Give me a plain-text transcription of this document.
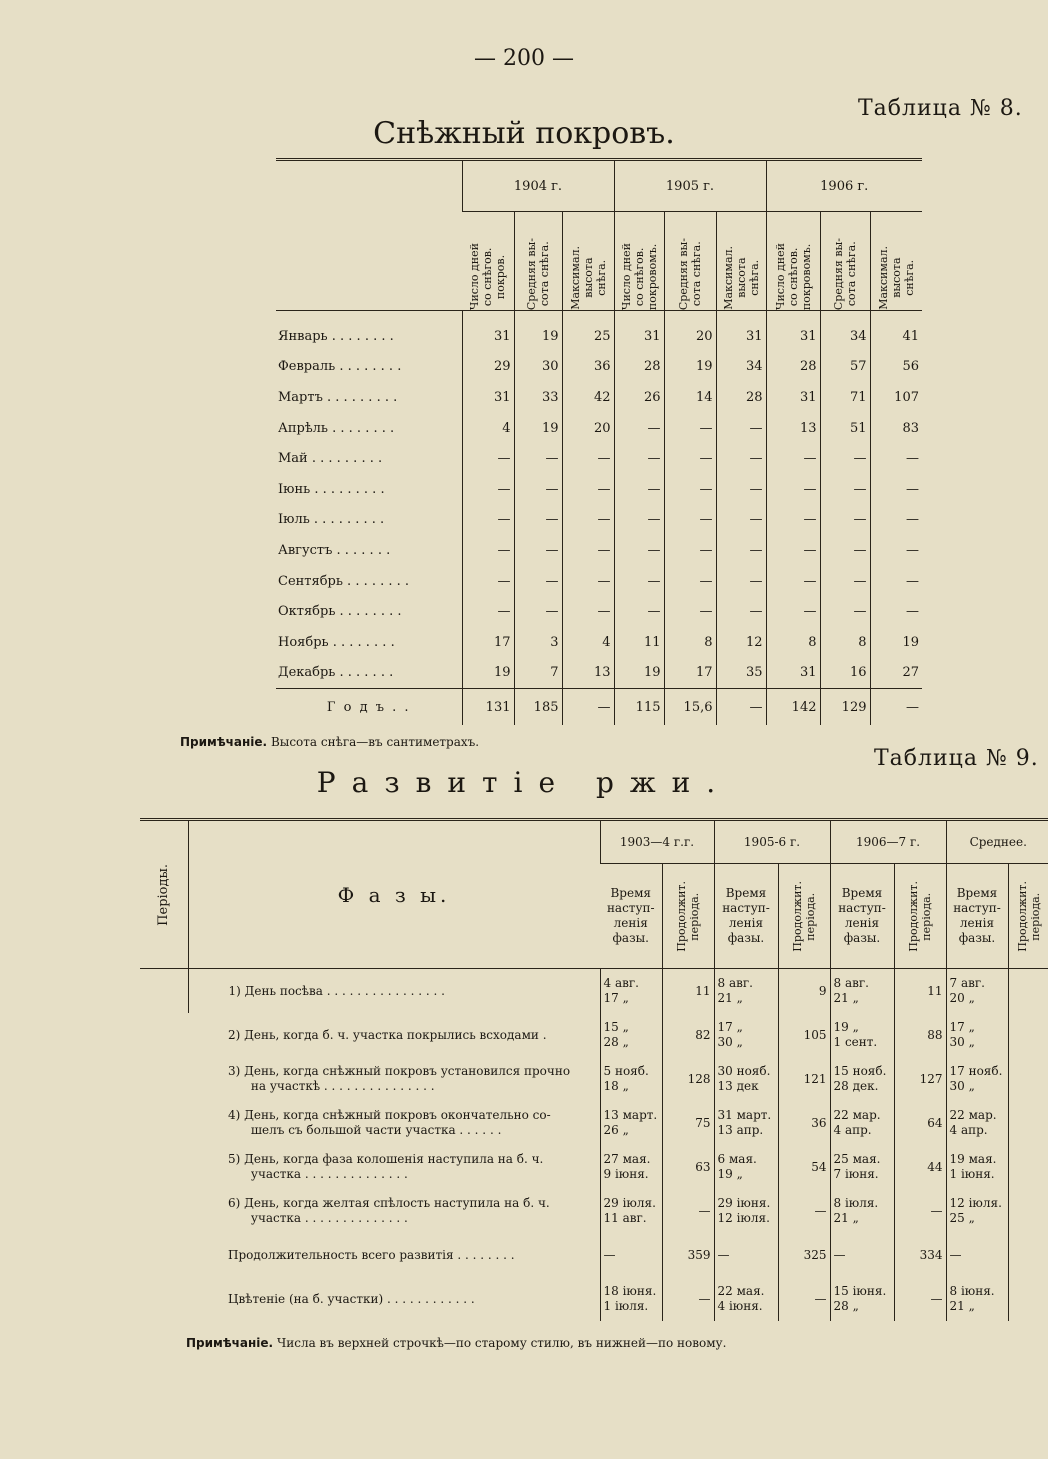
— 200 —
Таблица № 8.
Снѣжный покровъ.
	1904 г.			1905 г.			1906 г.		

	Число дней
со снѣгов.
покров.	Средняя вы-
сота снѣга.	Максимал.
высота
снѣга.	Число дней
со снѣгов.
покровомъ.	Средняя вы-
сота снѣга.	Максимал.
высота
снѣга.	Число дней
со снѣгов.
покровомъ.	Средняя вы-
сота снѣга.	Максимал.
высота
снѣга.

Январь . . . . . . . .	31	19	25	31	20	31	31	34	41
Февраль . . . . . . . .	29	30	36	28	19	34	28	57	56
Мартъ . . . . . . . . .	31	33	42	26	14	28	31	71	107
Апрѣль . . . . . . . .	4	19	20	—	—	—	13	51	83
Май . . . . . . . . .	—	—	—	—	—	—	—	—	—
Іюнь . . . . . . . . .	—	—	—	—	—	—	—	—	—
Іюль . . . . . . . . .	—	—	—	—	—	—	—	—	—
Августъ . . . . . . .	—	—	—	—	—	—	—	—	—
Сентябрь . . . . . . . .	—	—	—	—	—	—	—	—	—
Октябрь . . . . . . . .	—	—	—	—	—	—	—	—	—
Ноябрь . . . . . . . .	17	3	4	11	8	12	8	8	19
Декабрь . . . . . . .	19	7	13	19	17	35	31	16	27
Г о д ъ . .	131	185	—	115	15,6	—	142	129	—
Примѣчаніе. Высота снѣга—въ сантиметрахъ.
Таблица № 9.
Развитіе ржи.
Періоды.	Ф а з ы.	1903—4 г.г.		1905-6 г.		1906—7 г.		Среднее.	

		Время
наступ-
ленія
фазы.	Продолжит.
періода.	Время
наступ-
ленія
фазы.	Продолжит.
періода.	Время
наступ-
ленія
фазы.	Продолжит.
періода.	Время
наступ-
ленія
фазы.	Продолжит.
періода.

	1) День посѣва . . . . . . . . . . . . . . . .	4 авг.
17 „	11	8 авг.
21 „	9	8 авг.
21 „	11	7 авг.
20 „	
	2) День, когда б. ч. участка покрылись всходами .	15 „
28 „	82	17 „
30 „	105	19 „
1 сент.	88	17 „
30 „	
	3) День, когда снѣжный покровъ установился прочно
на участкѣ . . . . . . . . . . . . . . .	5 нояб.
18 „	128	30 нояб.
13 дек	121	15 нояб.
28 дек.	127	17 нояб.
30 „	
	4) День, когда снѣжный покровъ окончательно со-
шелъ съ большой части участка . . . . . .	13 март.
26 „	75	31 март.
13 апр.	36	22 мар.
4 апр.	64	22 мар.
4 апр.	
	5) День, когда фаза колошенія наступила на б. ч.
участка . . . . . . . . . . . . . .	27 мая.
9 іюня.	63	6 мая.
19 „	54	25 мая.
7 іюня.	44	19 мая.
1 іюня.	
	6) День, когда желтая спѣлость наступила на б. ч.
участка . . . . . . . . . . . . . .	29 іюля.
11 авг.	—	29 іюня.
12 іюля.	—	8 іюля.
21 „	—	12 іюля.
25 „	
	Продолжительность всего развитія . . . . . . . .	—	359	—	325	—	334	—	
	Цвѣтеніе (на б. участки) . . . . . . . . . . . .	18 іюня.
1 іюля.	—	22 мая.
4 іюня.	—	15 іюня.
28 „	—	8 іюня.
21 „	
Примѣчаніе. Числа въ верхней строчкѣ—по старому стилю, въ нижней—по новому.
